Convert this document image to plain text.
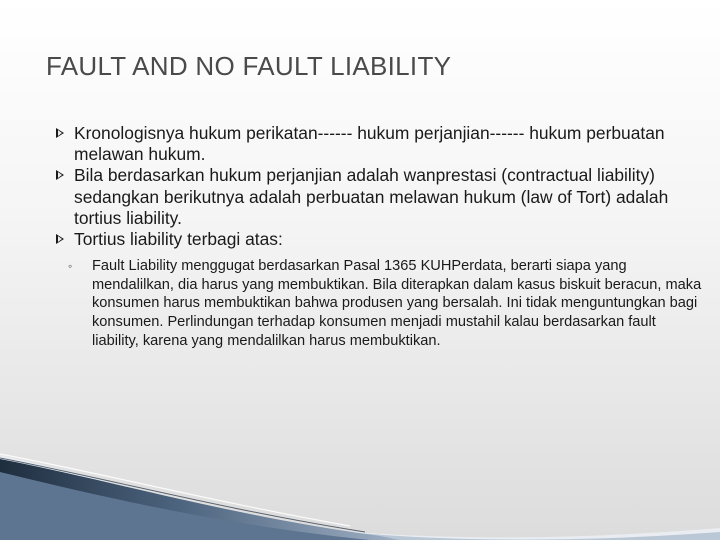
FAULT AND NO FAULT LIABILITY
Kronologisnya hukum perikatan------ hukum perjanjian------ hukum perbuatan melawan hukum.
Bila berdasarkan hukum perjanjian adalah wanprestasi (contractual liability) sedangkan berikutnya adalah perbuatan melawan hukum (law of Tort) adalah tortius liability.
Tortius liability terbagi atas:
◦ Fault Liability menggugat berdasarkan Pasal 1365 KUHPerdata, berarti siapa yang mendalilkan, dia harus yang membuktikan. Bila diterapkan dalam kasus biskuit beracun, maka konsumen harus membuktikan bahwa produsen yang bersalah. Ini tidak menguntungkan bagi konsumen. Perlindungan terhadap konsumen menjadi mustahil kalau berdasarkan fault liability, karena yang mendalilkan harus membuktikan.
